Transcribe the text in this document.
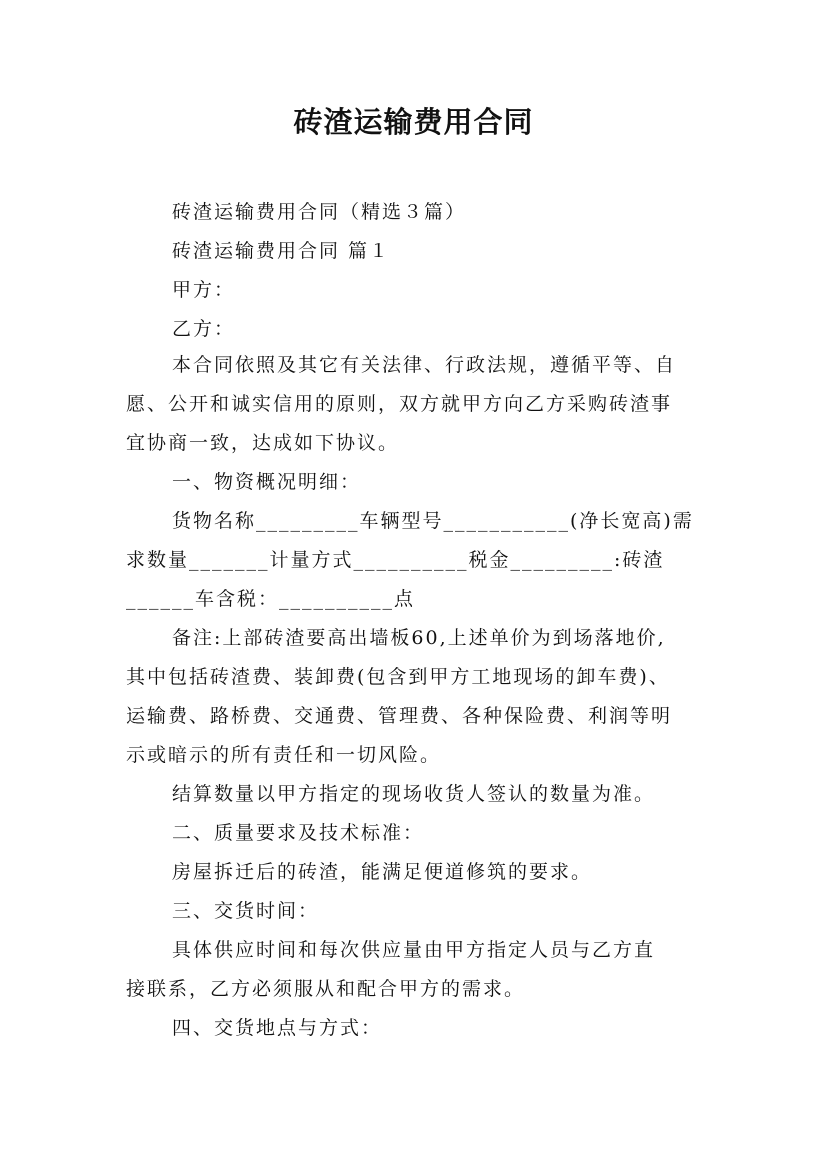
砖渣运输费用合同
砖渣运输费用合同（精选３篇）
砖渣运输费用合同 篇１
甲方：
乙方：
本合同依照及其它有关法律、行政法规，遵循平等、自
愿、公开和诚实信用的原则，双方就甲方向乙方采购砖渣事
宜协商一致，达成如下协议。
一、物资概况明细：
货物名称_________车辆型号___________(净长宽高)需
求数量_______计量方式__________税金_________:砖渣
______车含税：__________点
备注:上部砖渣要高出墙板60,上述单价为到场落地价,
其中包括砖渣费、装卸费(包含到甲方工地现场的卸车费)、
运输费、路桥费、交通费、管理费、各种保险费、利润等明
示或暗示的所有责任和一切风险。
结算数量以甲方指定的现场收货人签认的数量为准。
二、质量要求及技术标准：
房屋拆迁后的砖渣，能满足便道修筑的要求。
三、交货时间：
具体供应时间和每次供应量由甲方指定人员与乙方直
接联系，乙方必须服从和配合甲方的需求。
四、交货地点与方式：
